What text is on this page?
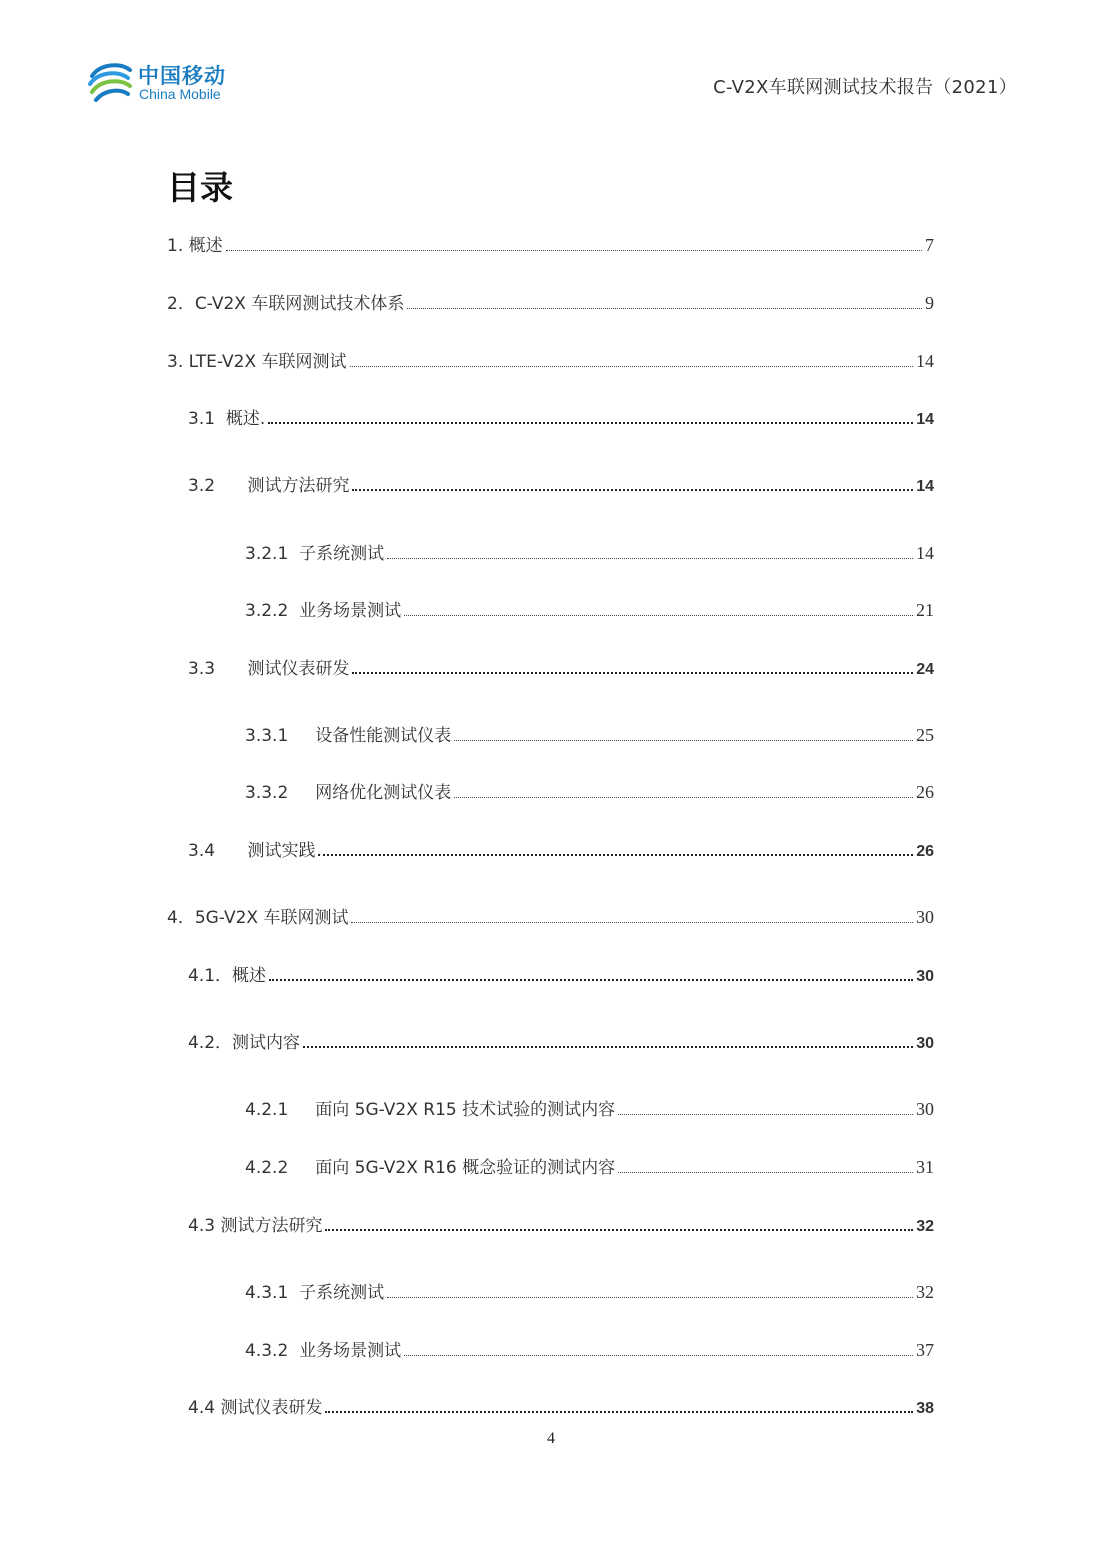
中国移动
China Mobile	C-V2X车联网测试技术报告（2021）
目录
1. 概述	7
2．C-V2X 车联网测试技术体系	9
3. LTE-V2X 车联网测试	14
3.1  概述.	14
3.2      测试方法研究	14
3.2.1  子系统测试	14
3.2.2  业务场景测试	21
3.3      测试仪表研发	24
3.3.1     设备性能测试仪表	25
3.3.2     网络优化测试仪表	26
3.4      测试实践	26
4．5G-V2X 车联网测试	30
4.1．概述	30
4.2．测试内容	30
4.2.1     面向 5G-V2X R15 技术试验的测试内容	30
4.2.2     面向 5G-V2X R16 概念验证的测试内容	31
4.3 测试方法研究	32
4.3.1  子系统测试	32
4.3.2  业务场景测试	37
4.4 测试仪表研发	38
4
